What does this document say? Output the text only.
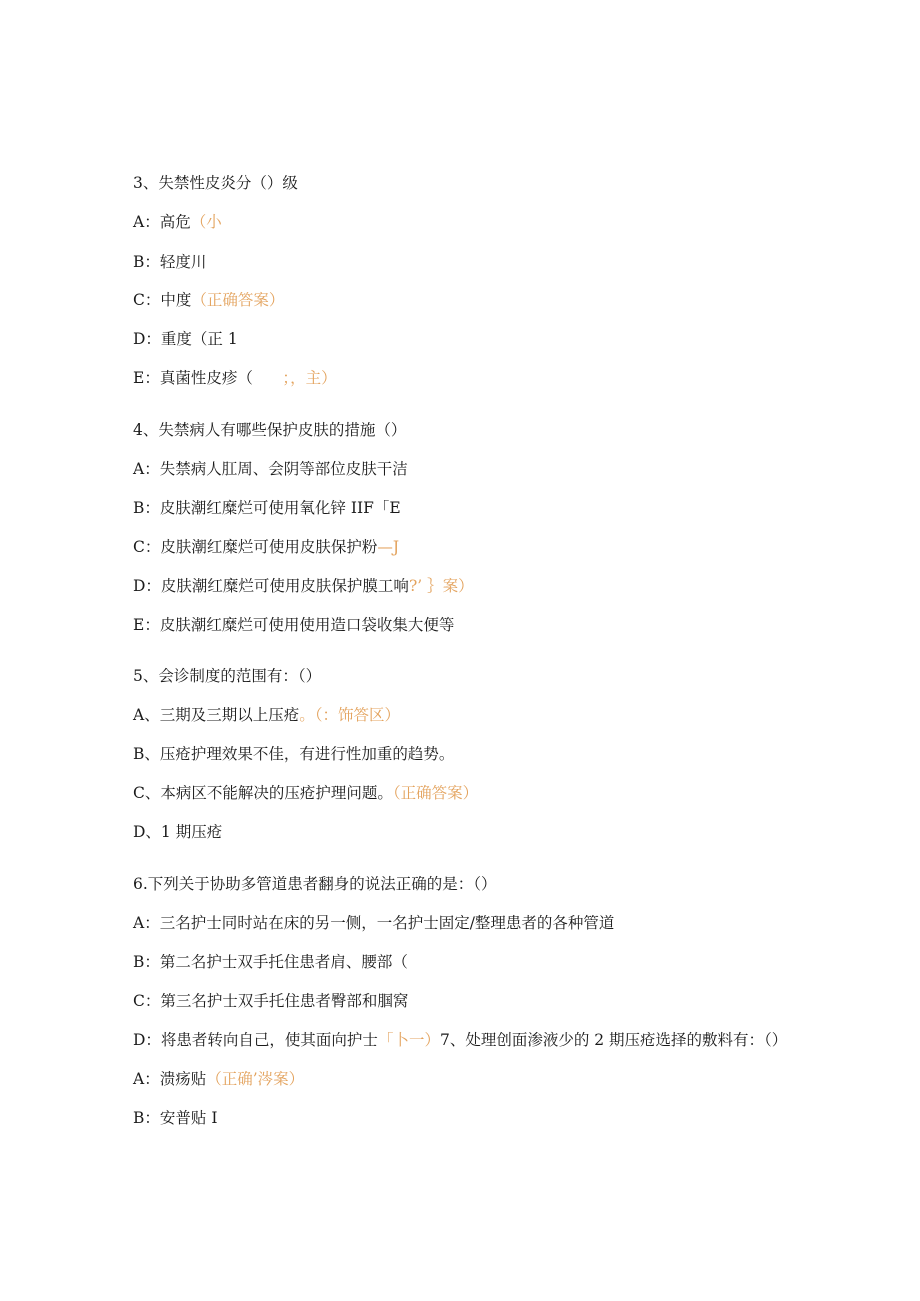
3、失禁性皮炎分（）级
A：高危（小
B：轻度川
C：中度（正确答案）
D：重度（正 1
E：真菌性皮疹（      ；，主）
4、失禁病人有哪些保护皮肤的措施（）
A：失禁病人肛周、会阴等部位皮肤干洁
B：皮肤潮红糜烂可使用氧化锌 IIF「E
C：皮肤潮红糜烂可使用皮肤保护粉—J
D：皮肤潮红糜烂可使用皮肤保护膜工响?’ ｝案）
E：皮肤潮红糜烂可使用使用造口袋收集大便等
5、会诊制度的范围有：（）
A、三期及三期以上压疮。（：饰答区）
B、压疮护理效果不佳，有进行性加重的趋势。
C、本病区不能解决的压疮护理问题。（正确答案）
D、1 期压疮
6.下列关于协助多管道患者翻身的说法正确的是：（）
A：三名护士同时站在床的另一侧，一名护士固定/整理患者的各种管道
B：第二名护士双手托住患者肩、腰部（
C：第三名护士双手托住患者臀部和腘窝
D：将患者转向自己，使其面向护士「卜一）7、处理创面渗液少的 2 期压疮选择的敷料有：（）
A：溃疡贴（正确’涔案）
B：安普贴 I
